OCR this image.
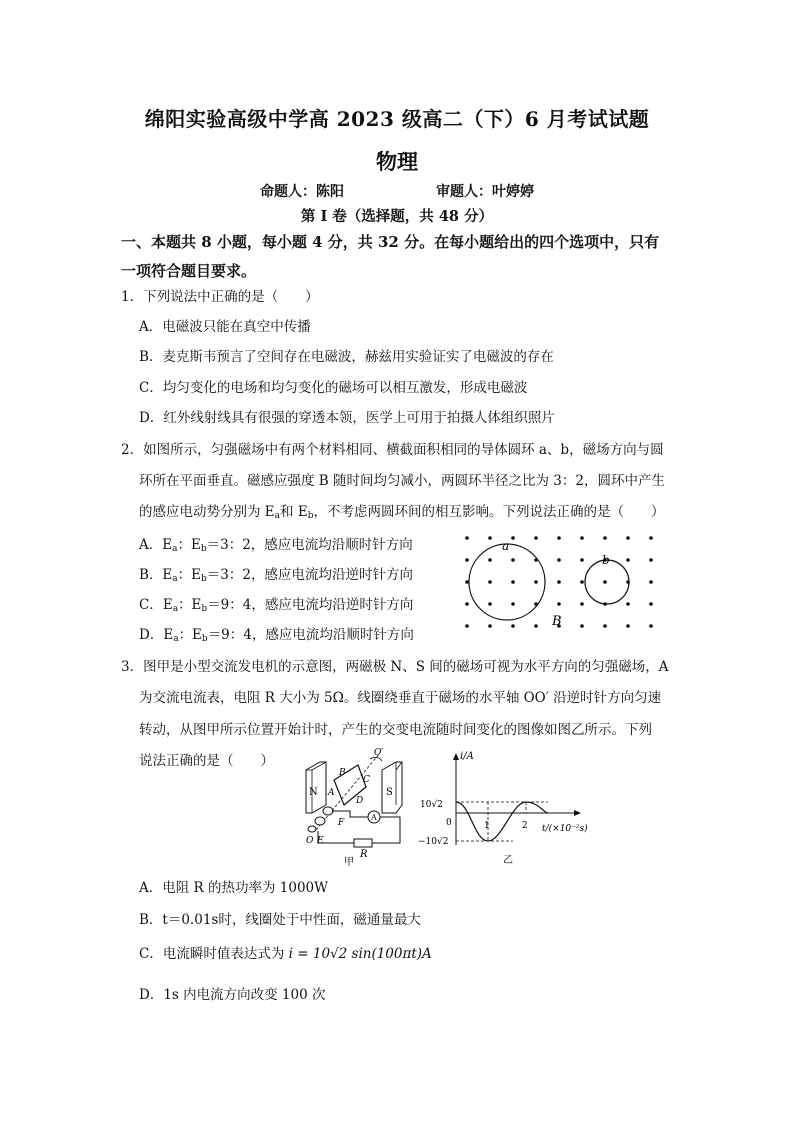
绵阳实验高级中学高 2023 级高二（下）6 月考试试题
物理
命题人：陈阳	审题人：叶婷婷
第 I 卷（选择题，共 48 分）
一、本题共 8 小题，每小题 4 分，共 32 分。在每小题给出的四个选项中，只有
一项符合题目要求。
1．下列说法中正确的是（　　）
A．电磁波只能在真空中传播
B．麦克斯韦预言了空间存在电磁波，赫兹用实验证实了电磁波的存在
C．均匀变化的电场和均匀变化的磁场可以相互激发，形成电磁波
D．红外线射线具有很强的穿透本领，医学上可用于拍摄人体组织照片
2．如图所示，匀强磁场中有两个材料相同、横截面积相同的导体圆环 a、b，磁场方向与圆
环所在平面垂直。磁感应强度 B 随时间均匀减小，两圆环半径之比为 3：2，圆环中产生
的感应电动势分别为 $E_a$和 $E_b$，不考虑两圆环间的相互影响。下列说法正确的是（　　）
A．$E_a$：$E_b=3$：2，感应电流均沿顺时针方向
B．$E_a$：$E_b=3$：2，感应电流均沿逆时针方向
C．$E_a$：$E_b=9$：4，感应电流均沿逆时针方向
D．$E_a$：$E_b=9$：4，感应电流均沿顺时针方向
a
b
B
3．图甲是小型交流发电机的示意图，两磁极 N、S 间的磁场可视为水平方向的匀强磁场，A
为交流电流表，电阻 R 大小为 5Ω。线圈绕垂直于磁场的水平轴 OO′ 沿逆时针方向匀速
转动，从图甲所示位置开始计时，产生的交变电流随时间变化的图像如图乙所示。下列
说法正确的是（　　）
N	S
O′
A
B
C
D
F
A
R
O E
甲
i/A
t/(×10⁻²s)
10√2
0
−10√2
1	2
乙
A．电阻 R 的热功率为 1000W
B．t＝0.01s时，线圈处于中性面，磁通量最大
C．电流瞬时值表达式为 i = 10√2 sin(100πt)A
D．1s 内电流方向改变 100 次
